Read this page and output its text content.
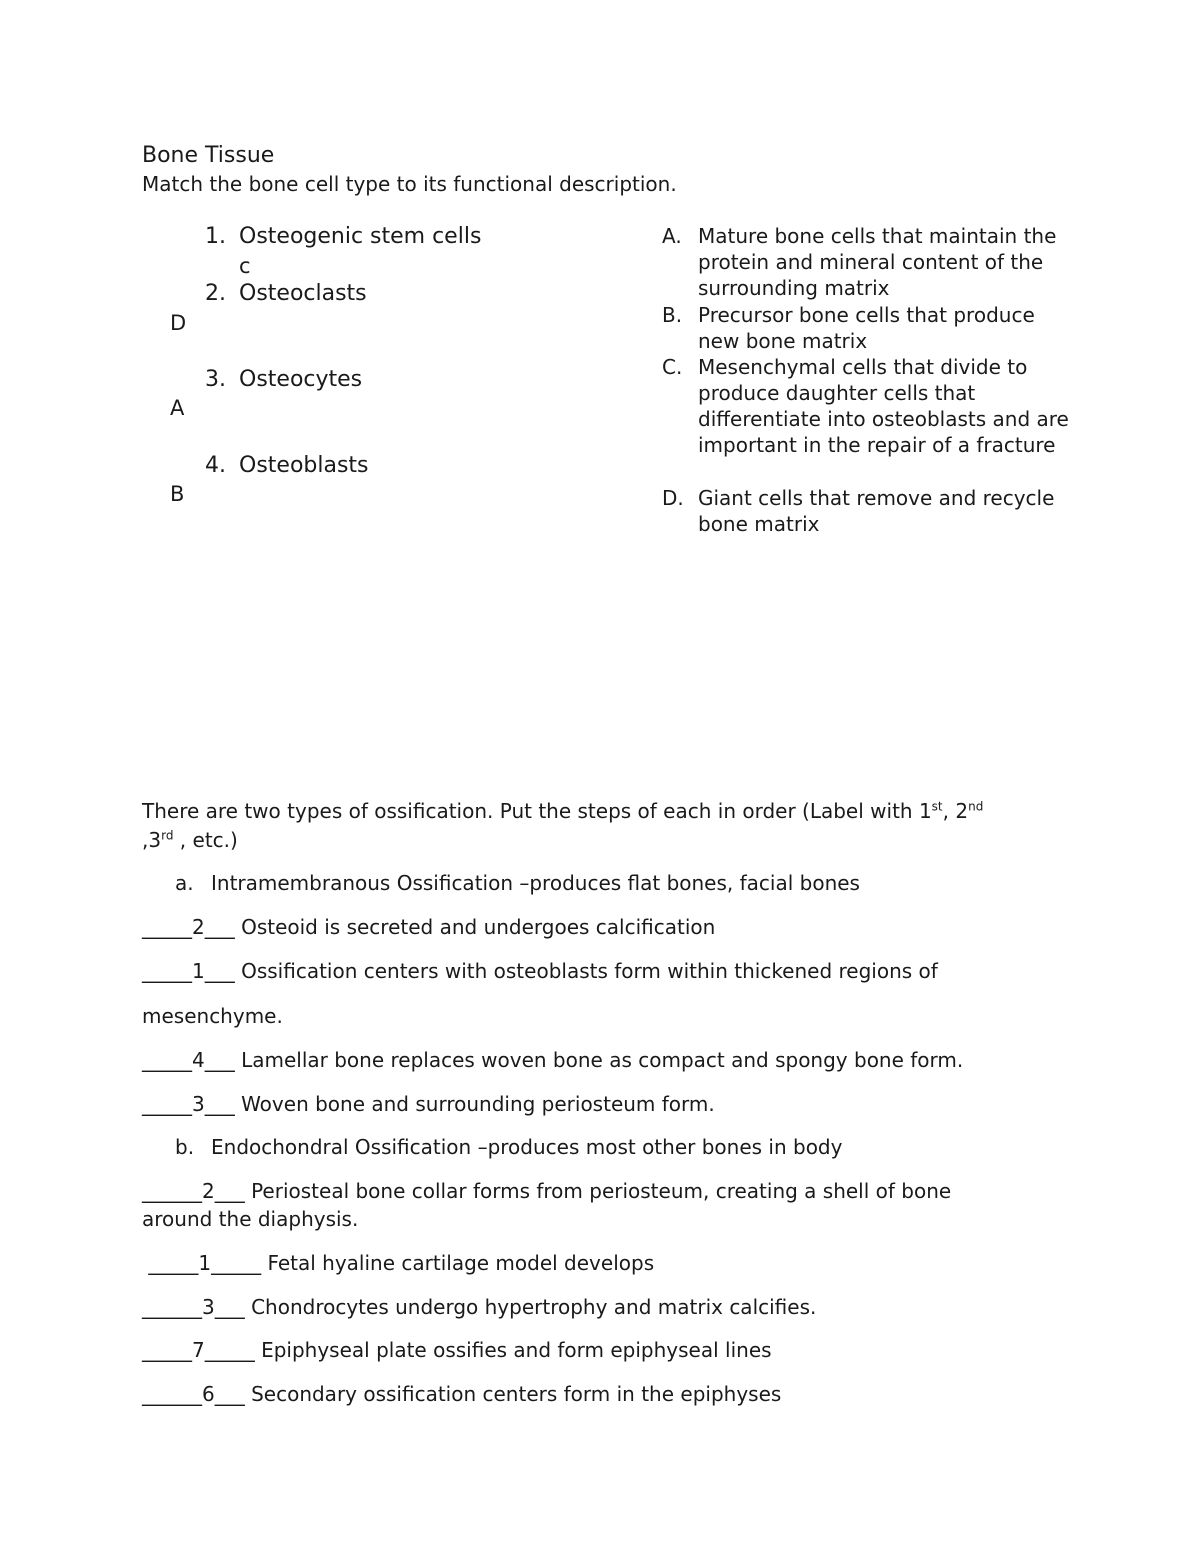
Bone Tissue
Match the bone cell type to its functional description.
1. Osteogenic stem cells
c
2. Osteoclasts
D
3. Osteocytes
A
4. Osteoblasts
B
A. Mature bone cells that maintain the protein and mineral content of the surrounding matrix
B. Precursor bone cells that produce new bone matrix
C. Mesenchymal cells that divide to produce daughter cells that differentiate into osteoblasts and are important in the repair of a fracture
D. Giant cells that remove and recycle bone matrix
There are two types of ossification. Put the steps of each in order (Label with 1st, 2nd
,3rd , etc.)
a. Intramembranous Ossification –produces flat bones, facial bones
_____2___ Osteoid is secreted and undergoes calcification
_____1___ Ossification centers with osteoblasts form within thickened regions of
mesenchyme.
_____4___ Lamellar bone replaces woven bone as compact and spongy bone form.
_____3___ Woven bone and surrounding periosteum form.
b. Endochondral Ossification –produces most other bones in body
______2___ Periosteal bone collar forms from periosteum, creating a shell of bone
around the diaphysis.
_____1_____ Fetal hyaline cartilage model develops
______3___ Chondrocytes undergo hypertrophy and matrix calcifies.
_____7_____ Epiphyseal plate ossifies and form epiphyseal lines
______6___ Secondary ossification centers form in the epiphyses
